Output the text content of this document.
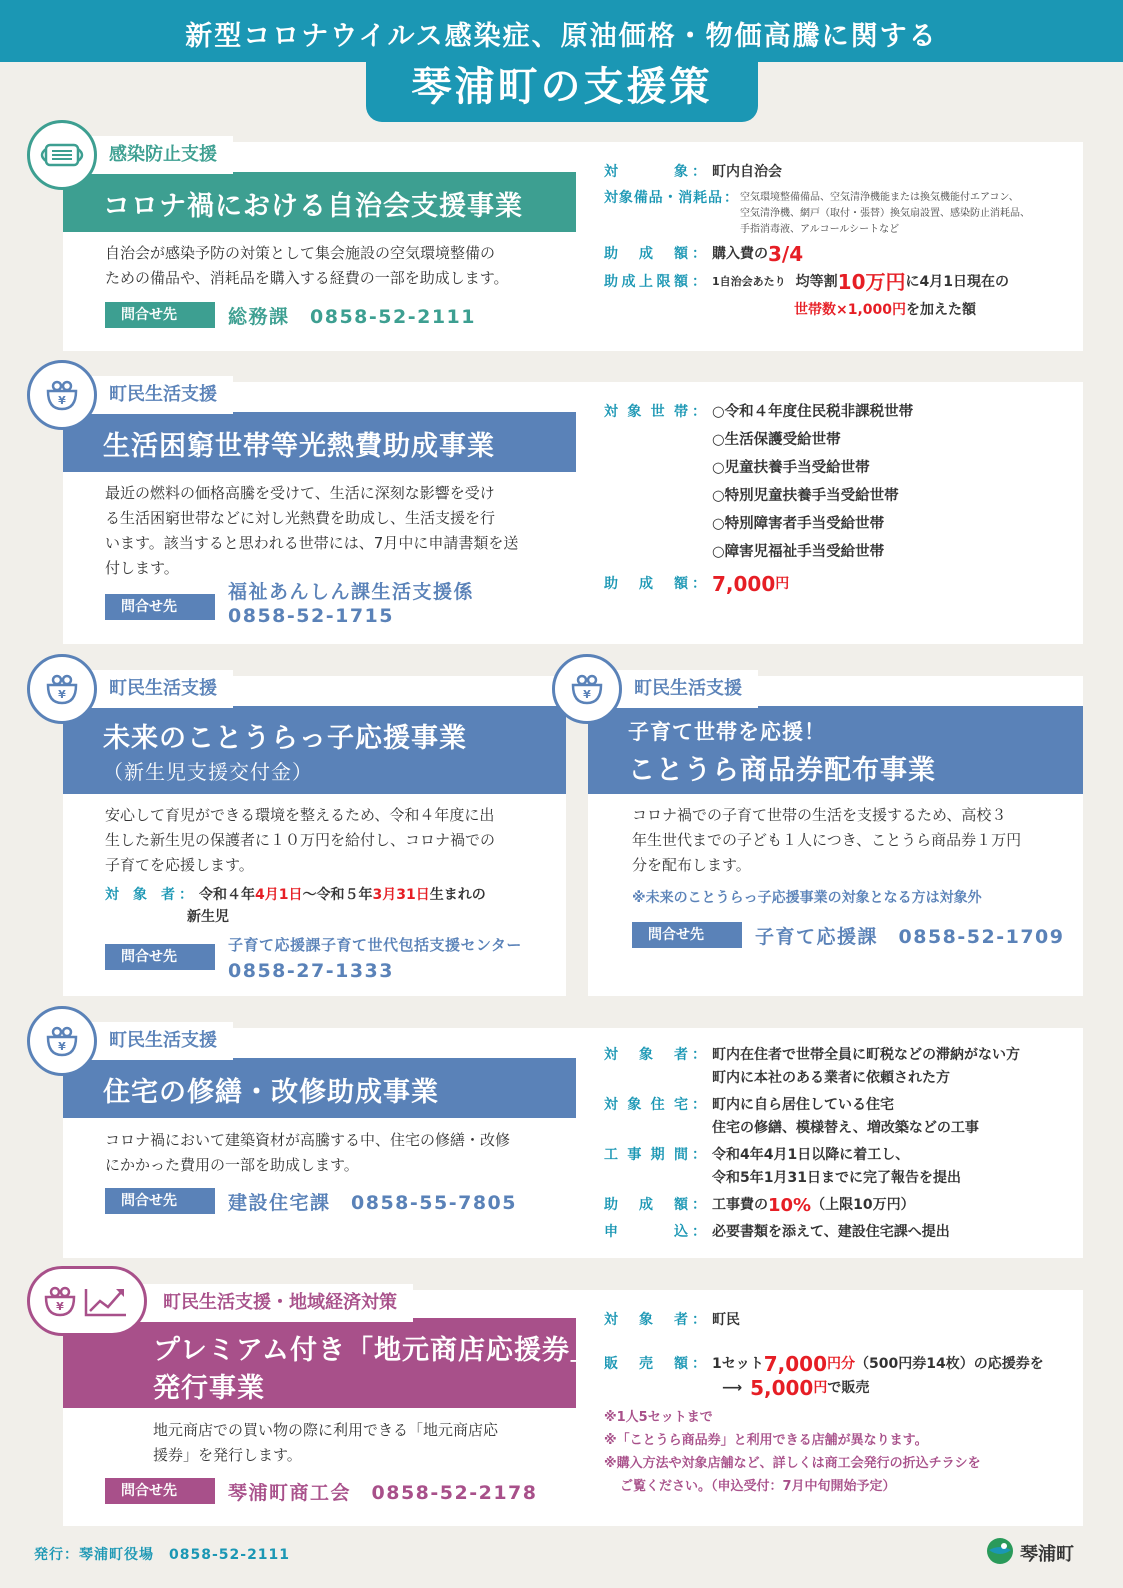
新型コロナウイルス感染症、原油価格・物価高騰に関する
琴浦町の支援策
コロナ禍における自治会支援事業
感染防止支援
自治会が感染予防の対策として集会施設の空気環境整備の
ための備品や、消耗品を購入する経費の一部を助成します。
問合せ先	総務課　0858-52-2111
対　　象 ： 町内自治会
対象備品・消耗品 ： 空気環境整備備品、空気清浄機能または換気機能付エアコン、
空気清浄機、網戸（取付・張替）換気扇設置、感染防止消耗品、
手指消毒液、アルコールシートなど
助　成　額 ： 購入費の 3/4
助成上限額 ： 1自治会あたり 均等割 10万円 に4月1日現在の
世帯数×1,000円 を加えた額
生活困窮世帯等光熱費助成事業
町民生活支援
¥
最近の燃料の価格高騰を受けて、生活に深刻な影響を受け
る生活困窮世帯などに対し光熱費を助成し、生活支援を行
います。該当すると思われる世帯には、7月中に申請書類を送
付します。
問合せ先
福祉あんしん課生活支援係
0858-52-1715
対象世帯 ： ○令和４年度住民税非課税世帯
○生活保護受給世帯
○児童扶養手当受給世帯
○特別児童扶養手当受給世帯
○特別障害者手当受給世帯
○障害児福祉手当受給世帯
助　成　額 ： 7,000 円
未来のことうらっ子応援事業
（新生児支援交付金）
町民生活支援
¥
安心して育児ができる環境を整えるため、令和４年度に出
生した新生児の保護者に１０万円を給付し、コロナ禍での
子育てを応援します。
対象者 ： 令和４年 4月1日 〜令和５年 3月31日 生まれの
新生児
問合せ先
子育て応援課子育て世代包括支援センター
0858-27-1333
子育て世帯を応援！
ことうら商品券配布事業
町民生活支援
¥
コロナ禍での子育て世帯の生活を支援するため、高校３
年生世代までの子ども１人につき、ことうら商品券１万円
分を配布します。
※未来のことうらっ子応援事業の対象となる方は対象外
問合せ先	子育て応援課　0858-52-1709
住宅の修繕・改修助成事業
町民生活支援
¥
コロナ禍において建築資材が高騰する中、住宅の修繕・改修
にかかった費用の一部を助成します。
問合せ先	建設住宅課　0858-55-7805
対　象　者 ： 町内在住者で世帯全員に町税などの滞納がない方
町内に本社のある業者に依頼された方
対象住宅 ： 町内に自ら居住している住宅
住宅の修繕、模様替え、増改築などの工事
工事期間 ： 令和4年4月1日以降に着工し、
令和5年1月31日までに完了報告を提出
助　成　額 ： 工事費の 10% （上限10万円）
申　　込 ： 必要書類を添えて、建設住宅課へ提出
プレミアム付き「地元商店応援券」
発行事業
町民生活支援・地域経済対策
¥
地元商店での買い物の際に利用できる「地元商店応
援券」を発行します。
問合せ先	琴浦町商工会　0858-52-2178
対　象　者 ： 町民
販　売　額 ： 1セット 7,000 円分 （500円券14枚）の応援券を
⟶ 5,000 円 で販売
※1人5セットまで
※「ことうら商品券」と利用できる店舗が異なります。
※購入方法や対象店舗など、詳しくは商工会発行の折込チラシを
ご覧ください。（申込受付：7月中旬開始予定）
発行：琴浦町役場　0858-52-2111	琴浦町
